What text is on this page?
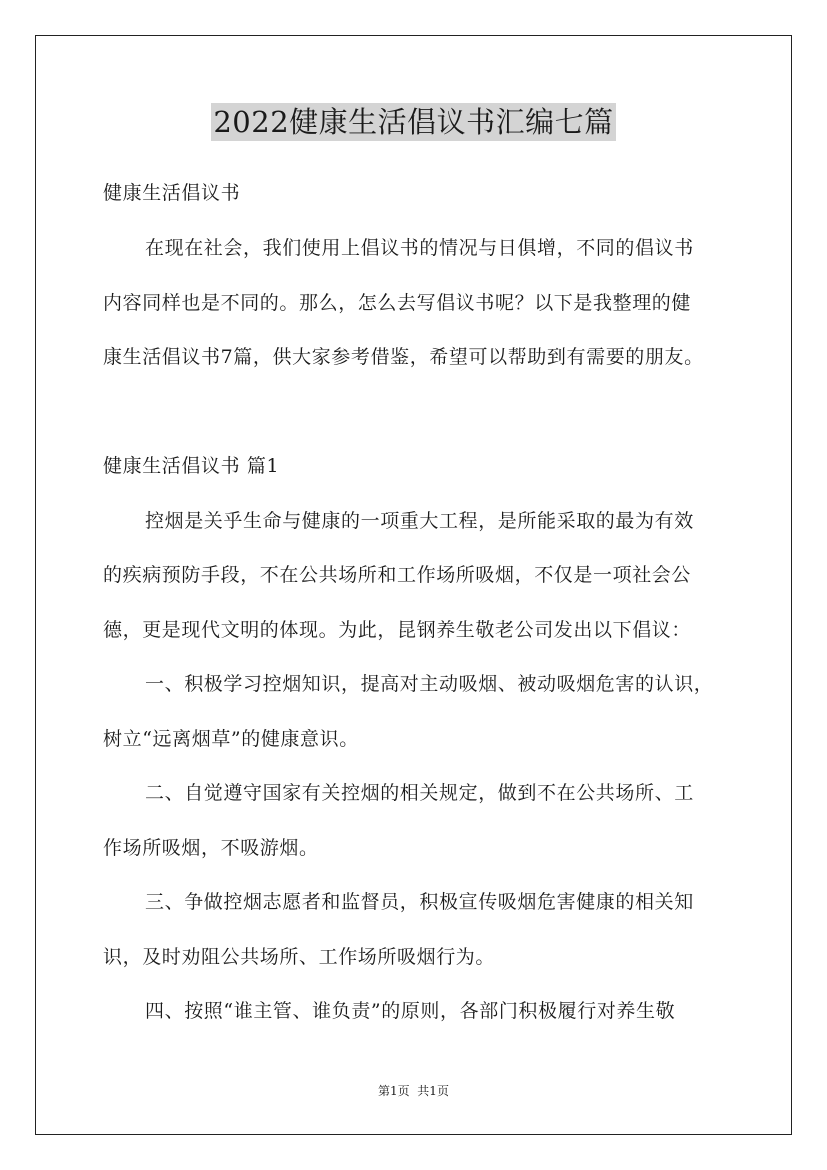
2022健康生活倡议书汇编七篇
健康生活倡议书
在现在社会，我们使用上倡议书的情况与日俱增，不同的倡议书
内容同样也是不同的。那么，怎么去写倡议书呢？以下是我整理的健
康生活倡议书7篇，供大家参考借鉴，希望可以帮助到有需要的朋友。
健康生活倡议书 篇1
控烟是关乎生命与健康的一项重大工程，是所能采取的最为有效
的疾病预防手段，不在公共场所和工作场所吸烟，不仅是一项社会公
德，更是现代文明的体现。为此，昆钢养生敬老公司发出以下倡议：
一、积极学习控烟知识，提高对主动吸烟、被动吸烟危害的认识，
树立“远离烟草”的健康意识。
二、自觉遵守国家有关控烟的相关规定，做到不在公共场所、工
作场所吸烟，不吸游烟。
三、争做控烟志愿者和监督员，积极宣传吸烟危害健康的相关知
识，及时劝阻公共场所、工作场所吸烟行为。
四、按照“谁主管、谁负责”的原则，各部门积极履行对养生敬
第1页  共1页
